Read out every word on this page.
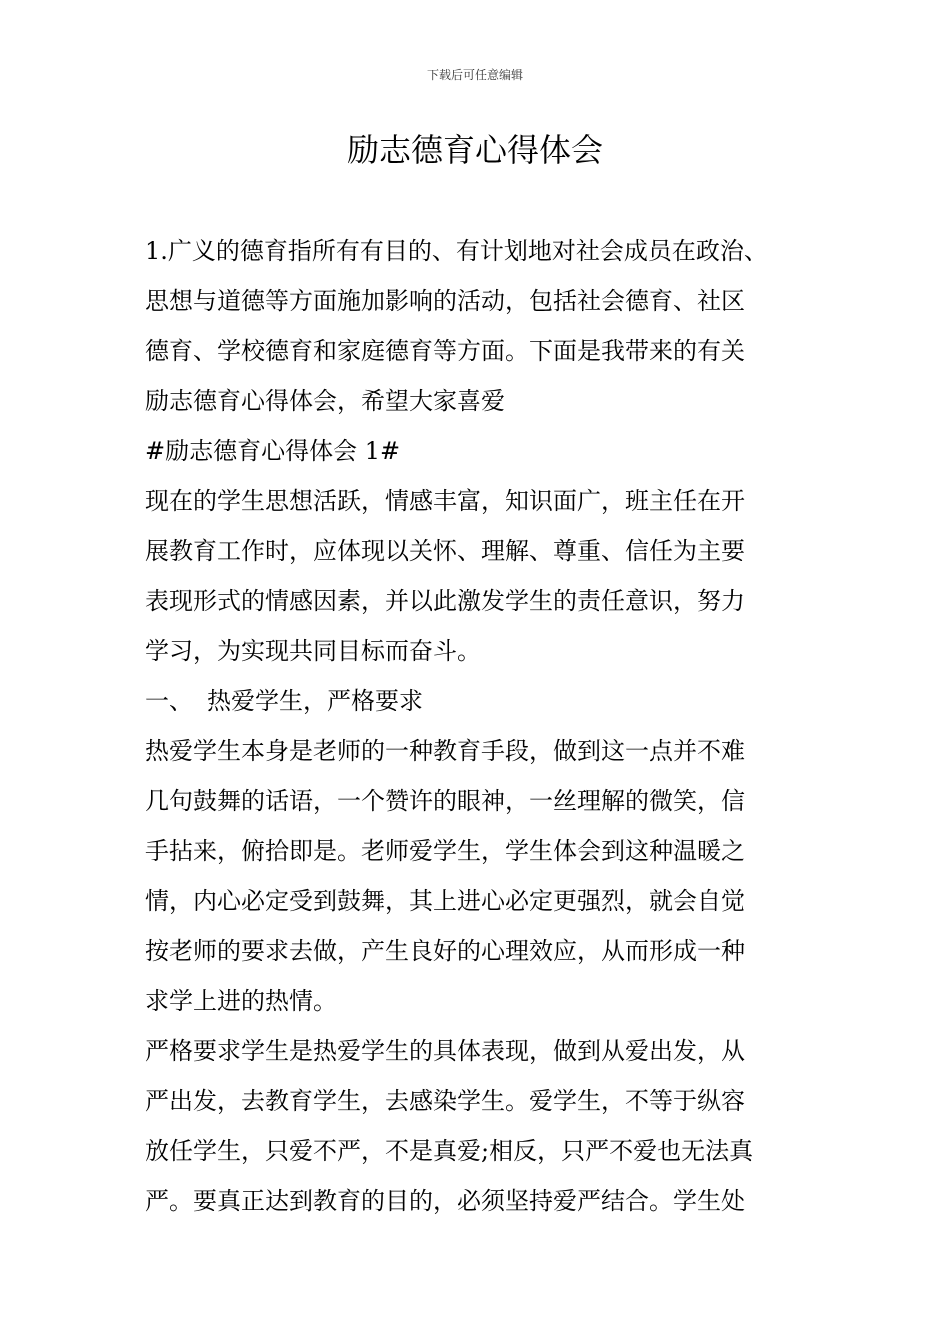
下载后可任意编辑
励志德育心得体会

1.广义的德育指所有有目的、有计划地对社会成员在政治、

思想与道德等方面施加影响的活动，包括社会德育、社区

德育、学校德育和家庭德育等方面。下面是我带来的有关

励志德育心得体会，希望大家喜爱

#励志德育心得体会 1#

现在的学生思想活跃，情感丰富，知识面广，班主任在开

展教育工作时，应体现以关怀、理解、尊重、信任为主要

表现形式的情感因素，并以此激发学生的责任意识，努力

学习，为实现共同目标而奋斗。

一、 热爱学生，严格要求

热爱学生本身是老师的一种教育手段，做到这一点并不难

几句鼓舞的话语，一个赞许的眼神，一丝理解的微笑，信

手拈来，俯拾即是。老师爱学生，学生体会到这种温暖之

情，内心必定受到鼓舞，其上进心必定更强烈，就会自觉

按老师的要求去做，产生良好的心理效应，从而形成一种

求学上进的热情。

严格要求学生是热爱学生的具体表现，做到从爱出发，从

严出发，去教育学生，去感染学生。爱学生，不等于纵容

放任学生，只爱不严，不是真爱;相反，只严不爱也无法真

严。要真正达到教育的目的，必须坚持爱严结合。学生处
